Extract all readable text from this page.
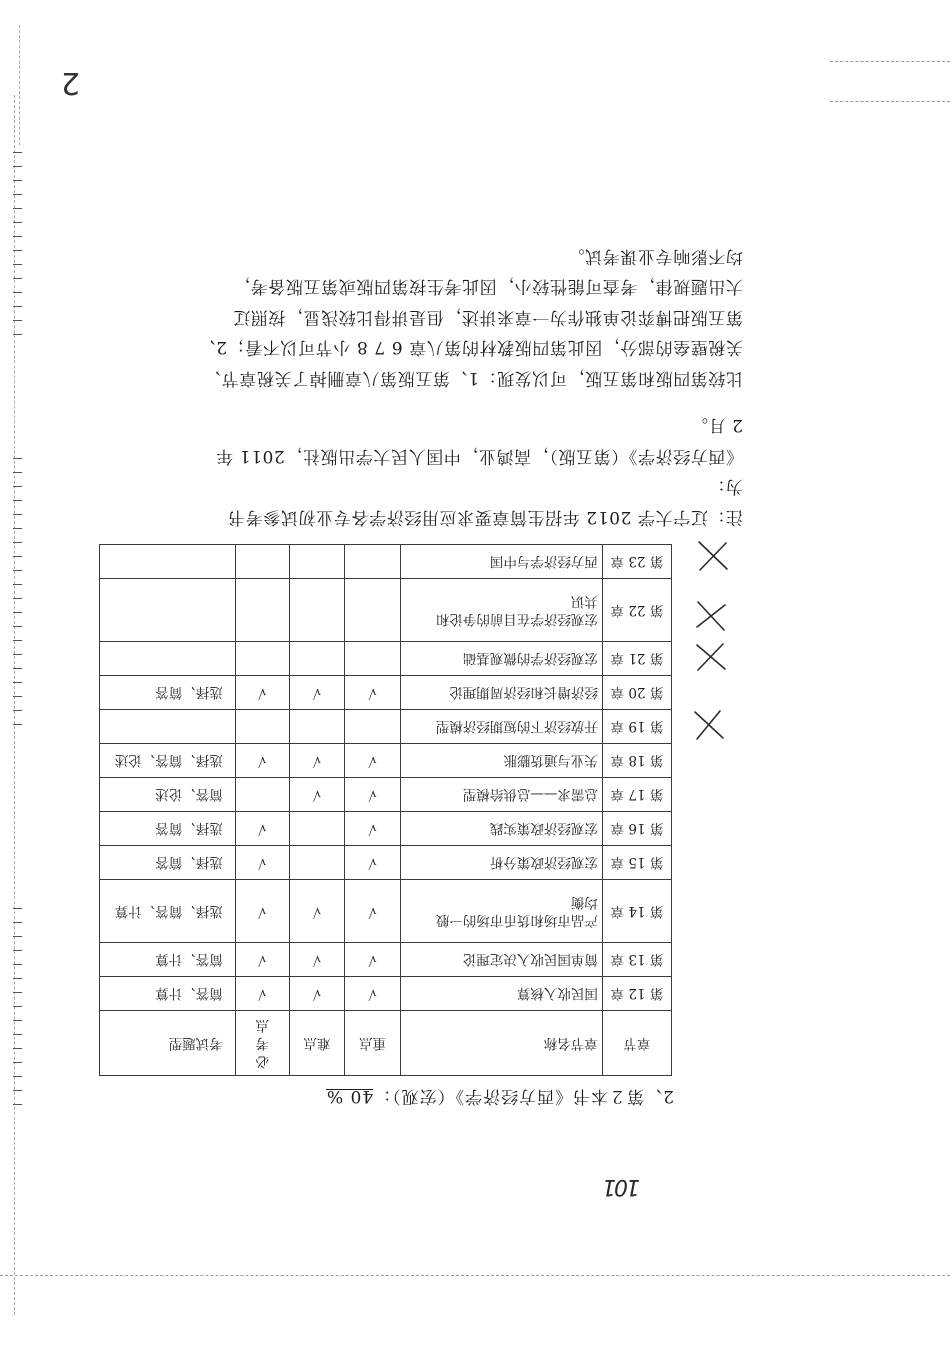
101
2、第２本书《西方经济学》（宏观）：40 %
章节	章节名称	重点	难点	必
考
点	考试题型
第 12 章	国民收入核算	√	√	√	简答、计算
第 13 章	简单国民收入决定理论	√	√	√	简答、计算
第 14 章	产品市场和货币市场的一般
均衡	√	√	√	选择、简答、计算
第 15 章	宏观经济政策分析	√		√	选择、简答
第 16 章	宏观经济政策实践	√		√	选择、简答
第 17 章	总需求——总供给模型	√	√		简答、论述
第 18 章	失业与通货膨胀	√	√	√	选择、简答、论述
第 19 章	开放经济下的短期经济模型				
第 20 章	经济增长和经济周期理论	√	√	√	选择、简答
第 21 章	宏观经济学的微观基础				
第 22 章	宏观经济学在目前的争论和
共识				

第 23 章	西方经济学与中国				

注：辽宁大学 2012 年招生简章要求应用经济学各专业初试参考书为：
《西方经济学》（第五版），高鸿业，中国人民大学出版社，2011 年
2 月。

比较第四版和第五版，可以发现：1、第五版第八章删掉了关税章节、
关税壁垒的部分，因此第四版教材的第八章 6 7 8 小节可以不看；2、
第五版把博弈论单独作为一章来讲述，但是讲得比较浅显，按照辽
大出题规律，考查可能性较小，因此考生按第四版或第五版备考，
均不影响专业课考试。

2
